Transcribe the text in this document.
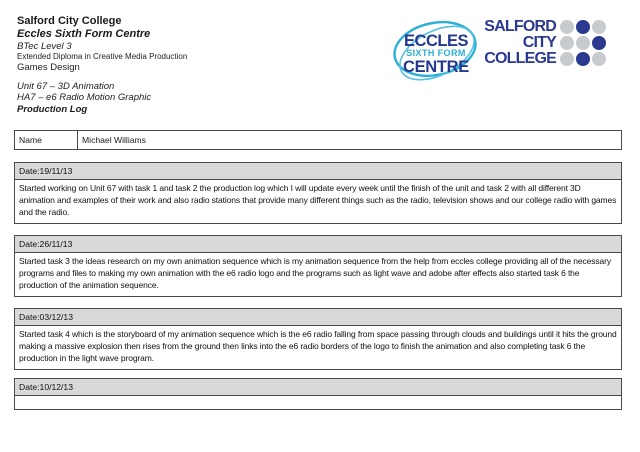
Salford City College
Eccles Sixth Form Centre
BTec Level 3
Extended Diploma in Creative Media Production
Games Design
Unit 67 – 3D Animation
HA7 – e6 Radio Motion Graphic
Production Log
ECCLES
SIXTH FORM
CENTRE
SALFORD
CITY
COLLEGE
Name	Michael Williams
Date:19/11/13
Started working on Unit 67 with task 1 and task 2 the production log which I will update every week until the finish of the unit and task 2 with all different 3D animation and examples of their work and also radio stations that provide many different things such as the radio, television shows and our college radio with games and the radio.
Date:26/11/13
Started task 3 the ideas research on my own animation sequence which is my animation sequence from the help from eccles college providing all of the necessary programs and files to making my own animation with the e6 radio logo and the programs such as light wave and adobe after effects also started task 6 the production of the animation sequence.
Date:03/12/13
Started task 4 which is the storyboard of my animation sequence which is the e6 radio falling from space passing through clouds and buildings until it hits the ground making a massive explosion then rises from the ground then links into the e6 radio borders of the logo to finish the animation and also completing task 6 the production in the light wave program.
Date:10/12/13
